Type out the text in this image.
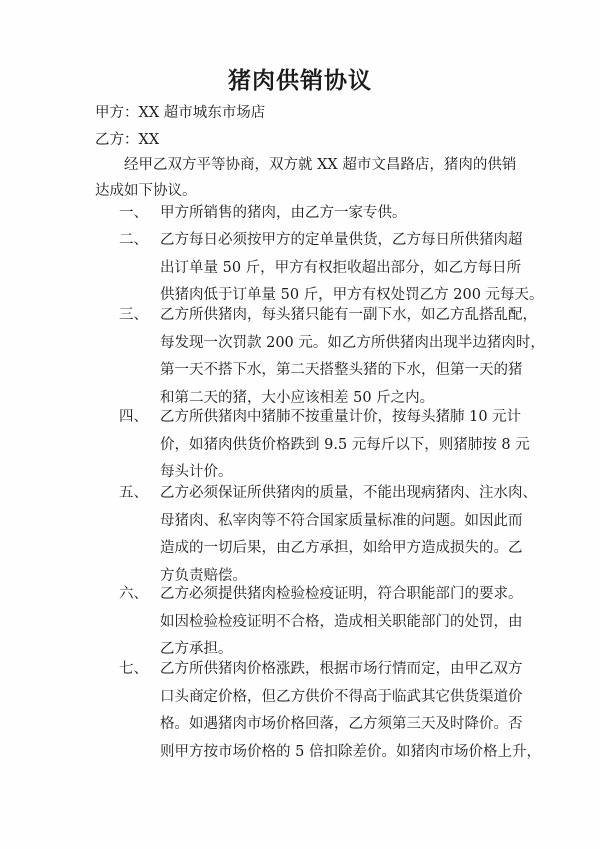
猪肉供销协议
甲方：XX 超市城东市场店
乙方：XX
经甲乙双方平等协商，双方就 XX 超市文昌路店，猪肉的供销
达成如下协议。
一、 甲方所销售的猪肉，由乙方一家专供。
二、 乙方每日必须按甲方的定单量供货，乙方每日所供猪肉超
出订单量 50 斤，甲方有权拒收超出部分，如乙方每日所
供猪肉低于订单量 50 斤，甲方有权处罚乙方 200 元每天。
三、 乙方所供猪肉，每头猪只能有一副下水，如乙方乱搭乱配，
每发现一次罚款 200 元。如乙方所供猪肉出现半边猪肉时，
第一天不搭下水，第二天搭整头猪的下水，但第一天的猪
和第二天的猪，大小应该相差 50 斤之内。
四、 乙方所供猪肉中猪肺不按重量计价，按每头猪肺 10 元计
价，如猪肉供货价格跌到 9.5 元每斤以下，则猪肺按 8 元
每头计价。
五、 乙方必须保证所供猪肉的质量，不能出现病猪肉、注水肉、
母猪肉、私宰肉等不符合国家质量标准的问题。如因此而
造成的一切后果，由乙方承担，如给甲方造成损失的。乙
方负责赔偿。
六、 乙方必须提供猪肉检验检疫证明，符合职能部门的要求。
如因检验检疫证明不合格，造成相关职能部门的处罚，由
乙方承担。
七、 乙方所供猪肉价格涨跌，根据市场行情而定，由甲乙双方
口头商定价格，但乙方供价不得高于临武其它供货渠道价
格。如遇猪肉市场价格回落，乙方须第三天及时降价。否
则甲方按市场价格的 5 倍扣除差价。如猪肉市场价格上升，
